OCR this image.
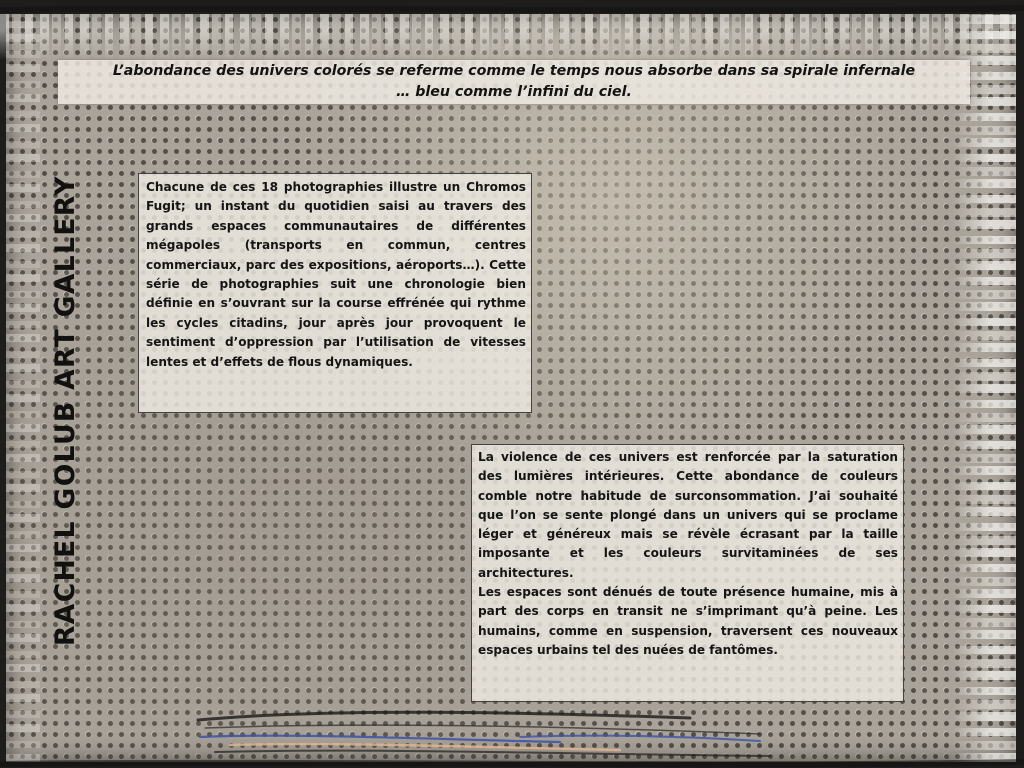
L’abondance des univers colorés se referme comme le temps nous absorbe dans sa spirale infernale
… bleu comme l’infini du ciel.
RACHEL GOLUB ART GALLERY	Chacune de ces 18 photographies illustre un Chromos Fugit; un instant du quotidien saisi au travers des grands espaces communautaires de différentes mégapoles (transports en commun, centres commerciaux, parc des expositions, aéroports…). Cette série de photographies suit une chronologie bien définie en s’ouvrant sur la course effrénée qui rythme les cycles citadins, jour après jour provoquent le sentiment d’oppression par l’utilisation de vitesses lentes et d’effets de flous dynamiques.

La violence de ces univers est renforcée par la saturation des lumières intérieures. Cette abondance de couleurs comble notre habitude de surconsommation. J’ai souhaité que l’on se sente plongé dans un univers qui se proclame léger et généreux mais se révèle écrasant par la taille imposante et les couleurs survitaminées de ses architectures.

Les espaces sont dénués de toute présence humaine, mis à part des corps en transit ne s’imprimant qu’à peine. Les humains, comme en suspension, traversent ces nouveaux espaces urbains tel des nuées de fantômes.
